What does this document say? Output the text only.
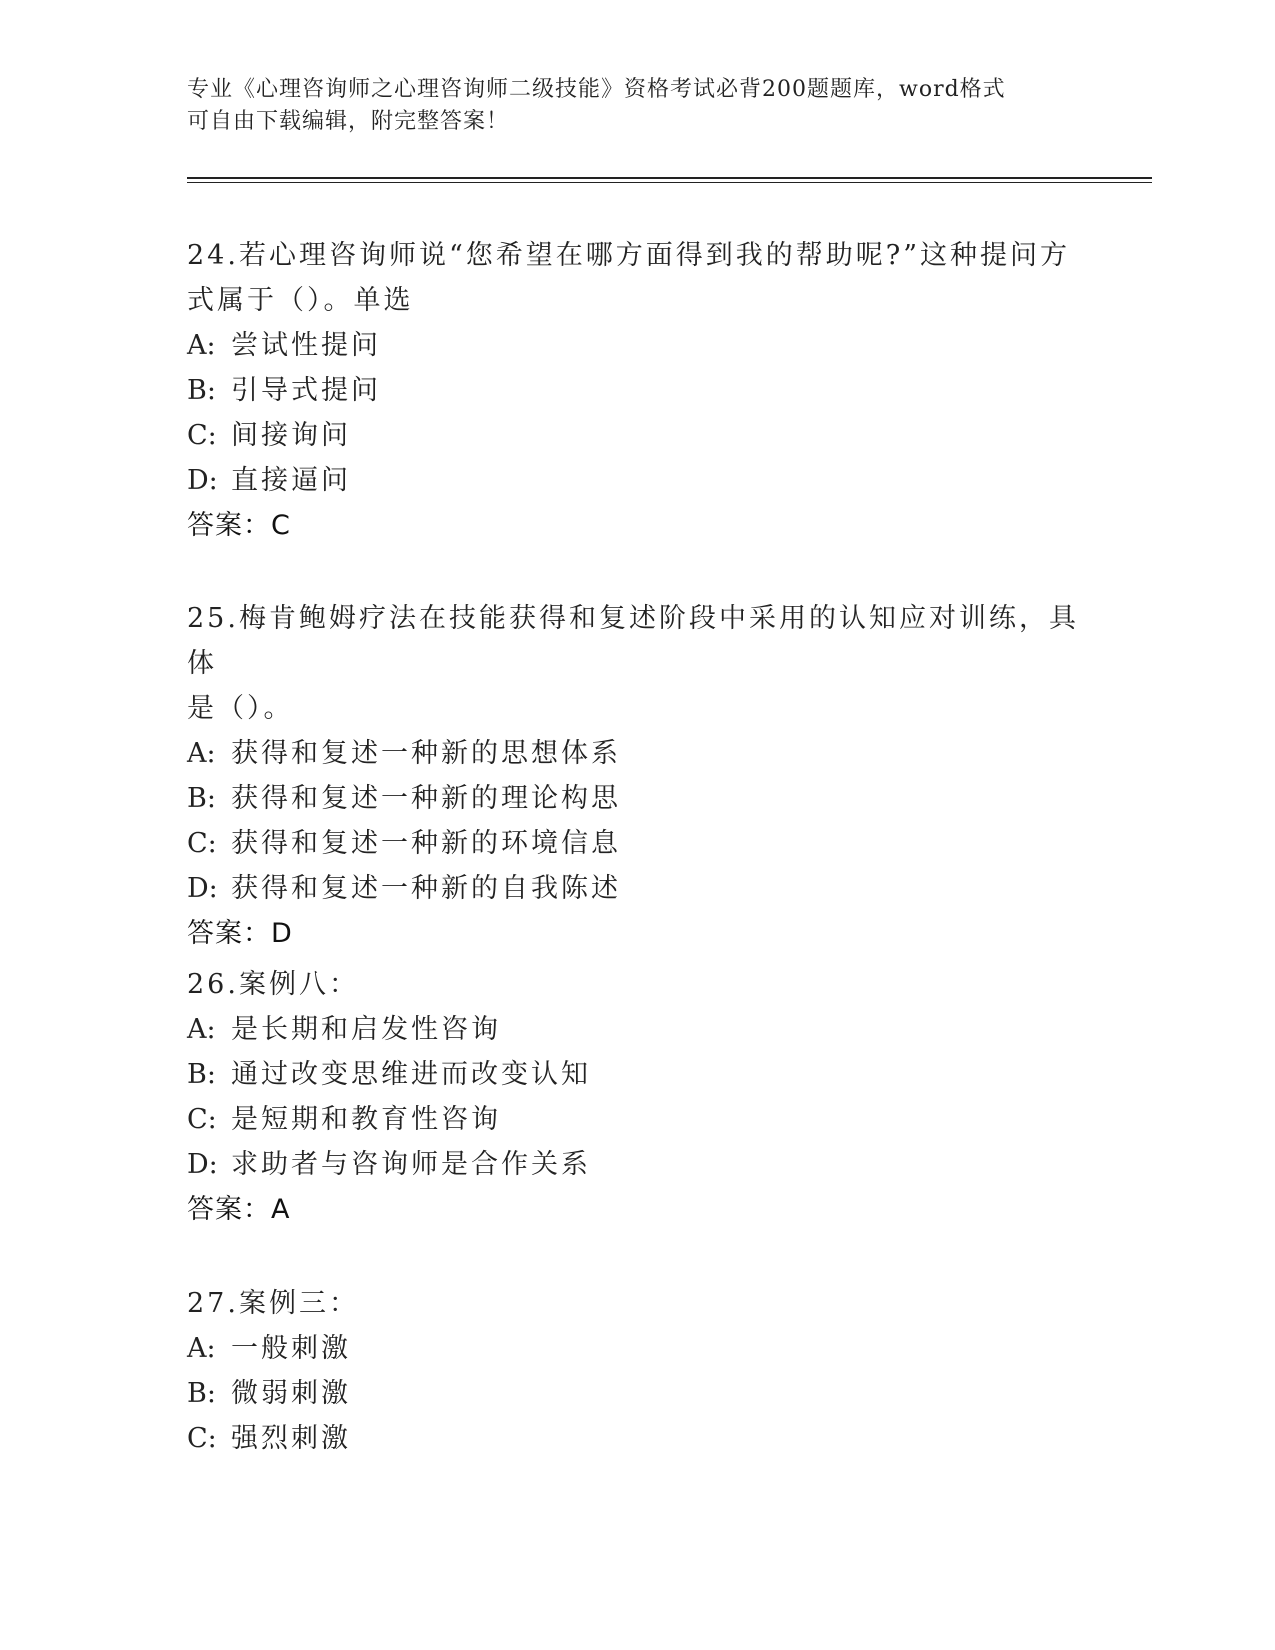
专业《心理咨询师之心理咨询师二级技能》资格考试必背200题题库，word格式
可自由下载编辑，附完整答案！
24.若心理咨询师说“您希望在哪方面得到我的帮助呢?”这种提问方
式属于（）。单选
A: 尝试性提问
B: 引导式提问
C: 间接询问
D: 直接逼问
答案：C
25.梅肯鲍姆疗法在技能获得和复述阶段中采用的认知应对训练，具体
是（）。
A: 获得和复述一种新的思想体系
B: 获得和复述一种新的理论构思
C: 获得和复述一种新的环境信息
D: 获得和复述一种新的自我陈述
答案：D
26.案例八：
A: 是长期和启发性咨询
B: 通过改变思维进而改变认知
C: 是短期和教育性咨询
D: 求助者与咨询师是合作关系
答案：A
27.案例三：
A: 一般刺激
B: 微弱刺激
C: 强烈刺激
